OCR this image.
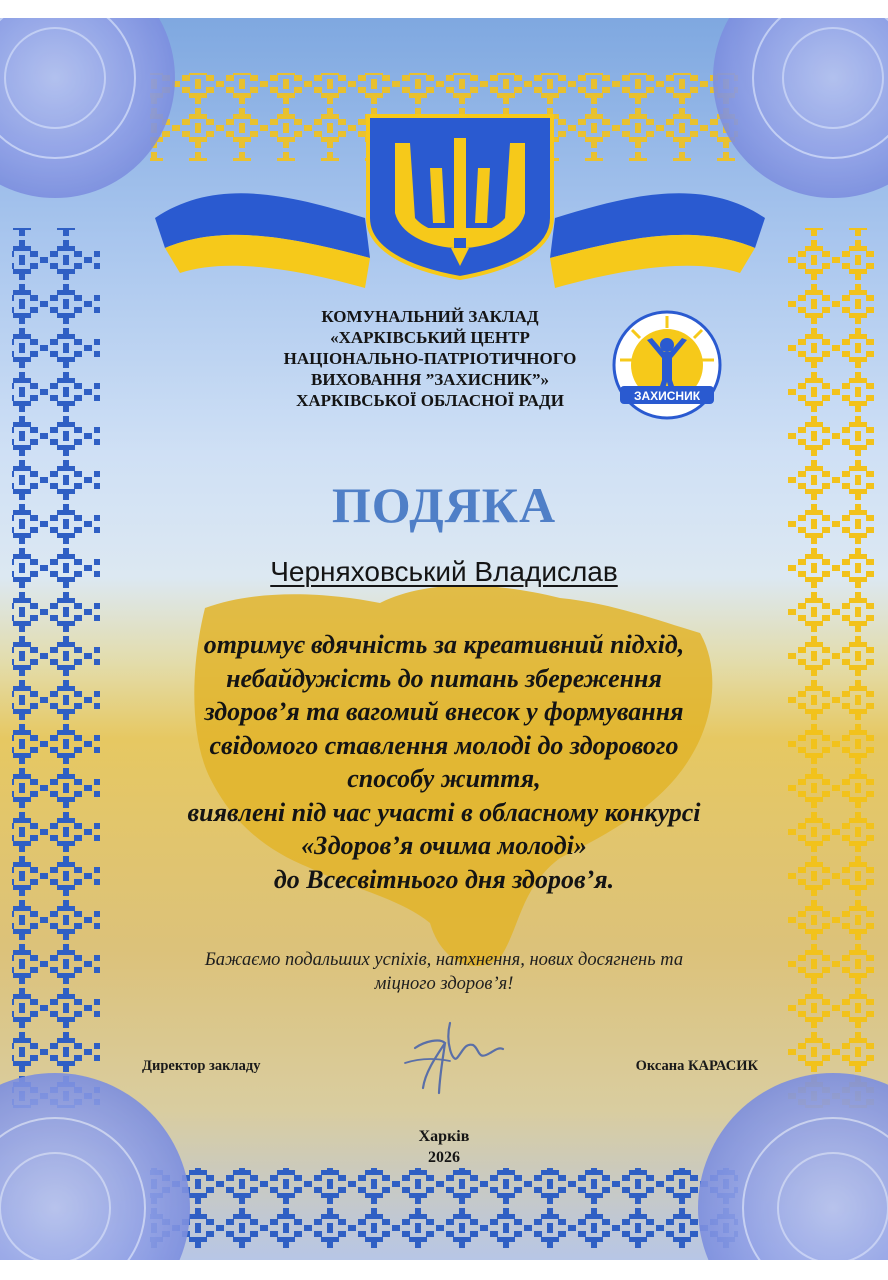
КОМУНАЛЬНИЙ ЗАКЛАД
«ХАРКІВСЬКИЙ ЦЕНТР
НАЦІОНАЛЬНО-ПАТРІОТИЧНОГО
ВИХОВАННЯ ”ЗАХИСНИК”»
ХАРКІВСЬКОЇ ОБЛАСНОЇ РАДИ	ЗАХИСНИК
ПОДЯКА
Черняховський Владислав
отримує вдячність за креативний підхід,
небайдужість до питань збереження
здоров’я та вагомий внесок у формування
свідомого ставлення молоді до здорового
способу життя,
виявлені під час участі в обласному конкурсі
«Здоров’я очима молоді»
до Всесвітнього дня здоров’я.
Бажаємо подальших успіхів, натхнення, нових досягнень та
міцного здоров’я!
Директор закладу	Оксана КАРАСИК
Харків
2026
